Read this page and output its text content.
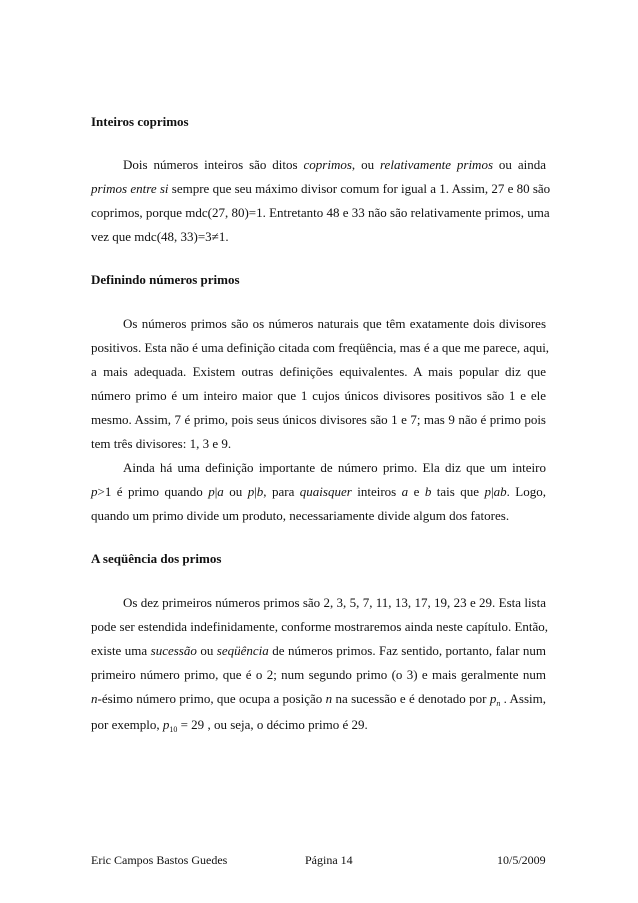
Inteiros coprimos
Dois números inteiros são ditos coprimos, ou relativamente primos ou ainda
primos entre si sempre que seu máximo divisor comum for igual a 1. Assim, 27 e 80 são
coprimos, porque mdc(27, 80)=1. Entretanto 48 e 33 não são relativamente primos, uma
vez que mdc(48, 33)=3≠1.
Definindo números primos
Os números primos são os números naturais que têm exatamente dois divisores
positivos. Esta não é uma definição citada com freqüência, mas é a que me parece, aqui,
a mais adequada. Existem outras definições equivalentes. A mais popular diz que
número primo é um inteiro maior que 1 cujos únicos divisores positivos são 1 e ele
mesmo. Assim, 7 é primo, pois seus únicos divisores são 1 e 7; mas 9 não é primo pois
tem três divisores: 1, 3 e 9.
Ainda há uma definição importante de número primo. Ela diz que um inteiro
p>1 é primo quando p|a ou p|b, para quaisquer inteiros a e b tais que p|ab. Logo,
quando um primo divide um produto, necessariamente divide algum dos fatores.
A seqüência dos primos
Os dez primeiros números primos são 2, 3, 5, 7, 11, 13, 17, 19, 23 e 29. Esta lista
pode ser estendida indefinidamente, conforme mostraremos ainda neste capítulo. Então,
existe uma sucessão ou seqüência de números primos. Faz sentido, portanto, falar num
primeiro número primo, que é o 2; num segundo primo (o 3) e mais geralmente num
n-ésimo número primo, que ocupa a posição n na sucessão e é denotado por $p_n$ . Assim,
por exemplo, $p_{10} = 29$ , ou seja, o décimo primo é 29.
Eric Campos Bastos Guedes	Página 14	10/5/2009
